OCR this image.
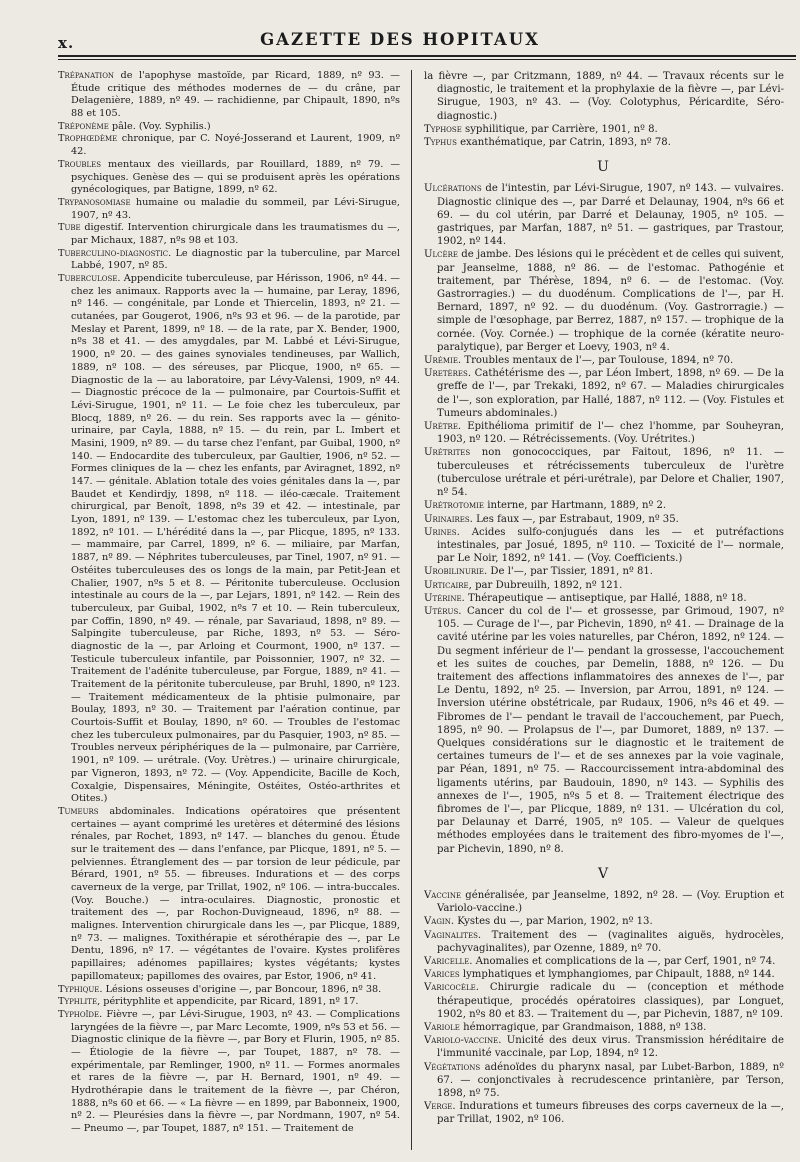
x.	GAZETTE DES HOPITAUX

Trépanation de l'apophyse mastoïde, par Ricard, 1889, nº 93. — Étude critique des méthodes modernes de — du crâne, par Delagenière, 1889, nº 49. — rachidienne, par Chipault, 1890, nºs 88 et 105.

Tréponème pâle. (Voy. Syphilis.)

Trophœdème chronique, par C. Noyé-Josserand et Laurent, 1909, nº 42.

Troubles mentaux des vieillards, par Rouillard, 1889, nº 79. — psychiques. Genèse des — qui se produisent après les opérations gynécologiques, par Batigne, 1899, nº 62.

Trypanosomiase humaine ou maladie du sommeil, par Lévi-Sirugue, 1907, nº 43.

Tube digestif. Intervention chirurgicale dans les traumatismes du —, par Michaux, 1887, nºs 98 et 103.

Tuberculino-diagnostic. Le diagnostic par la tuberculine, par Marcel Labbé, 1907, nº 85.

Tuberculose. Appendicite tuberculeuse, par Hérisson, 1906, nº 44. — chez les animaux. Rapports avec la — humaine, par Leray, 1896, nº 146. — congénitale, par Londe et Thiercelin, 1893, nº 21. — cutanées, par Gougerot, 1906, nºs 93 et 96. — de la parotide, par Meslay et Parent, 1899, nº 18. — de la rate, par X. Bender, 1900, nºs 38 et 41. — des amygdales, par M. Labbé et Lévi-Sirugue, 1900, nº 20. — des gaines synoviales tendineuses, par Wallich, 1889, nº 108. — des séreuses, par Plicque, 1900, nº 65. — Diagnostic de la — au laboratoire, par Lévy-Valensi, 1909, nº 44. — Diagnostic précoce de la — pulmonaire, par Courtois-Suffit et Lévi-Sirugue, 1901, nº 11. — Le foie chez les tuberculeux, par Blocq, 1889, nº 26. — du rein. Ses rapports avec la — génito-urinaire, par Cayla, 1888, nº 15. — du rein, par L. Imbert et Masini, 1909, nº 89. — du tarse chez l'enfant, par Guibal, 1900, nº 140. — Endocardite des tuberculeux, par Gaultier, 1906, nº 52. — Formes cliniques de la — chez les enfants, par Aviragnet, 1892, nº 147. — génitale. Ablation totale des voies génitales dans la —, par Baudet et Kendirdjy, 1898, nº 118. — iléo-cæcale. Traitement chirurgical, par Benoît, 1898, nºs 39 et 42. — intestinale, par Lyon, 1891, nº 139. — L'estomac chez les tuberculeux, par Lyon, 1892, nº 101. — L'hérédité dans la —, par Plicque, 1895, nº 133. — mammaire, par Carrel, 1899, nº 6. — miliaire, par Marfan, 1887, nº 89. — Néphrites tuberculeuses, par Tinel, 1907, nº 91. — Ostéites tuberculeuses des os longs de la main, par Petit-Jean et Chalier, 1907, nºs 5 et 8. — Péritonite tuberculeuse. Occlusion intestinale au cours de la —, par Lejars, 1891, nº 142. — Rein des tuberculeux, par Guibal, 1902, nºs 7 et 10. — Rein tuberculeux, par Coffin, 1890, nº 49. — rénale, par Savariaud, 1898, nº 89. — Salpingite tuberculeuse, par Riche, 1893, nº 53. — Séro-diagnostic de la —, par Arloing et Courmont, 1900, nº 137. — Testicule tuberculeux infantile, par Poissonnier, 1907, nº 32. — Traitement de l'adénite tuberculeuse, par Forgue, 1889, nº 41. — Traitement de la péritonite tuberculeuse, par Bruhl, 1890, nº 123. — Traitement médicamenteux de la phtisie pulmonaire, par Boulay, 1893, nº 30. — Traitement par l'aération continue, par Courtois-Suffit et Boulay, 1890, nº 60. — Troubles de l'estomac chez les tuberculeux pulmonaires, par du Pasquier, 1903, nº 85. — Troubles nerveux périphériques de la — pulmonaire, par Carrière, 1901, nº 109. — urétrale. (Voy. Urètres.) — urinaire chirurgicale, par Vigneron, 1893, nº 72. — (Voy. Appendicite, Bacille de Koch, Coxalgie, Dispensaires, Méningite, Ostéites, Ostéo-arthrites et Otites.)

Tumeurs abdominales. Indications opératoires que présentent certaines — ayant comprimé les uretères et déterminé des lésions rénales, par Rochet, 1893, nº 147. — blanches du genou. Étude sur le traitement des — dans l'enfance, par Plicque, 1891, nº 5. — pelviennes. Étranglement des — par torsion de leur pédicule, par Bérard, 1901, nº 55. — fibreuses. Indurations et — des corps caverneux de la verge, par Trillat, 1902, nº 106. — intra-buccales. (Voy. Bouche.) — intra-oculaires. Diagnostic, pronostic et traitement des —, par Rochon-Duvigneaud, 1896, nº 88. — malignes. Intervention chirurgicale dans les —, par Plicque, 1889, nº 73. — malignes. Toxithérapie et sérothérapie des —, par Le Dentu, 1896, nº 17. — végétantes de l'ovaire. Kystes prolifères papillaires; adénomes papillaires; kystes végétants; kystes papillomateux; papillomes des ovaires, par Estor, 1906, nº 41.

Typhique. Lésions osseuses d'origine —, par Boncour, 1896, nº 38.

Typhlite, pérityphlite et appendicite, par Ricard, 1891, nº 17.

Typhoïde. Fièvre —, par Lévi-Sirugue, 1903, nº 43. — Complications laryngées de la fièvre —, par Marc Lecomte, 1909, nºs 53 et 56. — Diagnostic clinique de la fièvre —, par Bory et Flurin, 1905, nº 85. — Étiologie de la fièvre —, par Toupet, 1887, nº 78. — expérimentale, par Remlinger, 1900, nº 11. — Formes anormales et rares de la fièvre —, par H. Bernard, 1901, nº 49. — Hydrothérapie dans le traitement de la fièvre —, par Chéron, 1888, nºs 60 et 66. — « La fièvre — en 1899, par Babonneix, 1900, nº 2. — Pleurésies dans la fièvre —, par Nordmann, 1907, nº 54. — Pneumo —, par Toupet, 1887, nº 151. — Traitement de

la fièvre —, par Critzmann, 1889, nº 44. — Travaux récents sur le diagnostic, le traitement et la prophylaxie de la fièvre —, par Lévi-Sirugue, 1903, nº 43. — (Voy. Colotyphus, Péricardite, Séro-diagnostic.)

Typhose syphilitique, par Carrière, 1901, nº 8.

Typhus exanthématique, par Catrin, 1893, nº 78.

U

Ulcérations de l'intestin, par Lévi-Sirugue, 1907, nº 143. — vulvaires. Diagnostic clinique des —, par Darré et Delaunay, 1904, nºs 66 et 69. — du col utérin, par Darré et Delaunay, 1905, nº 105. — gastriques, par Marfan, 1887, nº 51. — gastriques, par Trastour, 1902, nº 144.

Ulcère de jambe. Des lésions qui le précèdent et de celles qui suivent, par Jeanselme, 1888, nº 86. — de l'estomac. Pathogénie et traitement, par Thérèse, 1894, nº 6. — de l'estomac. (Voy. Gastrorragies.) — du duodénum. Complications de l'—, par H. Bernard, 1897, nº 92. — du duodénum. (Voy. Gastrorragie.) — simple de l'œsophage, par Berrez, 1887, nº 157. — trophique de la cornée. (Voy. Cornée.) — trophique de la cornée (kératite neuro-paralytique), par Berger et Loevy, 1903, nº 4.

Urémie. Troubles mentaux de l'—, par Toulouse, 1894, nº 70.

Uretères. Cathétérisme des —, par Léon Imbert, 1898, nº 69. — De la greffe de l'—, par Trekaki, 1892, nº 67. — Maladies chirurgicales de l'—, son exploration, par Hallé, 1887, nº 112. — (Voy. Fistules et Tumeurs abdominales.)

Urètre. Epithélioma primitif de l'— chez l'homme, par Souheyran, 1903, nº 120. — Rétrécissements. (Voy. Urétrites.)

Urétrites non gonococciques, par Faitout, 1896, nº 11. — tuberculeuses et rétrécissements tuberculeux de l'urètre (tuberculose urétrale et péri-urétrale), par Delore et Chalier, 1907, nº 54.

Urétrotomie interne, par Hartmann, 1889, nº 2.

Urinaires. Les faux —, par Estrabaut, 1909, nº 35.

Urines. Acides sulfo-conjugués dans les — et putréfactions intestinales, par Josué, 1895, nº 110. — Toxicité de l'— normale, par Le Noir, 1892, nº 141. — (Voy. Coefficients.)

Urobilinurie. De l'—, par Tissier, 1891, nº 81.

Urticaire, par Dubreuilh, 1892, nº 121.

Utérine. Thérapeutique — antiseptique, par Hallé, 1888, nº 18.

Utérus. Cancer du col de l'— et grossesse, par Grimoud, 1907, nº 105. — Curage de l'—, par Pichevin, 1890, nº 41. — Drainage de la cavité utérine par les voies naturelles, par Chéron, 1892, nº 124. — Du segment inférieur de l'— pendant la grossesse, l'accouchement et les suites de couches, par Demelin, 1888, nº 126. — Du traitement des affections inflammatoires des annexes de l'—, par Le Dentu, 1892, nº 25. — Inversion, par Arrou, 1891, nº 124. — Inversion utérine obstétricale, par Rudaux, 1906, nºs 46 et 49. — Fibromes de l'— pendant le travail de l'accouchement, par Puech, 1895, nº 90. — Prolapsus de l'—, par Dumoret, 1889, nº 137. — Quelques considérations sur le diagnostic et le traitement de certaines tumeurs de l'— et de ses annexes par la voie vaginale, par Péan, 1891, nº 75. — Raccourcissement intra-abdominal des ligaments utérins, par Baudouin, 1890, nº 143. — Syphilis des annexes de l'—, 1905, nºs 5 et 8. — Traitement électrique des fibromes de l'—, par Plicque, 1889, nº 131. — Ulcération du col, par Delaunay et Darré, 1905, nº 105. — Valeur de quelques méthodes employées dans le traitement des fibro-myomes de l'—, par Pichevin, 1890, nº 8.

V

Vaccine généralisée, par Jeanselme, 1892, nº 28. — (Voy. Eruption et Variolo-vaccine.)

Vagin. Kystes du —, par Marion, 1902, nº 13.

Vaginalites. Traitement des — (vaginalites aiguës, hydrocèles, pachyvaginalites), par Ozenne, 1889, nº 70.

Varicelle. Anomalies et complications de la —, par Cerf, 1901, nº 74.

Varices lymphatiques et lymphangiomes, par Chipault, 1888, nº 144.

Varicocèle. Chirurgie radicale du — (conception et méthode thérapeutique, procédés opératoires classiques), par Longuet, 1902, nºs 80 et 83. — Traitement du —, par Pichevin, 1887, nº 109.

Variole hémorragique, par Grandmaison, 1888, nº 138.

Variolo-vaccine. Unicité des deux virus. Transmission héréditaire de l'immunité vaccinale, par Lop, 1894, nº 12.

Végétations adénoïdes du pharynx nasal, par Lubet-Barbon, 1889, nº 67. — conjonctivales à recrudescence printanière, par Terson, 1898, nº 75.

Verge. Indurations et tumeurs fibreuses des corps caverneux de la —, par Trillat, 1902, nº 106.
